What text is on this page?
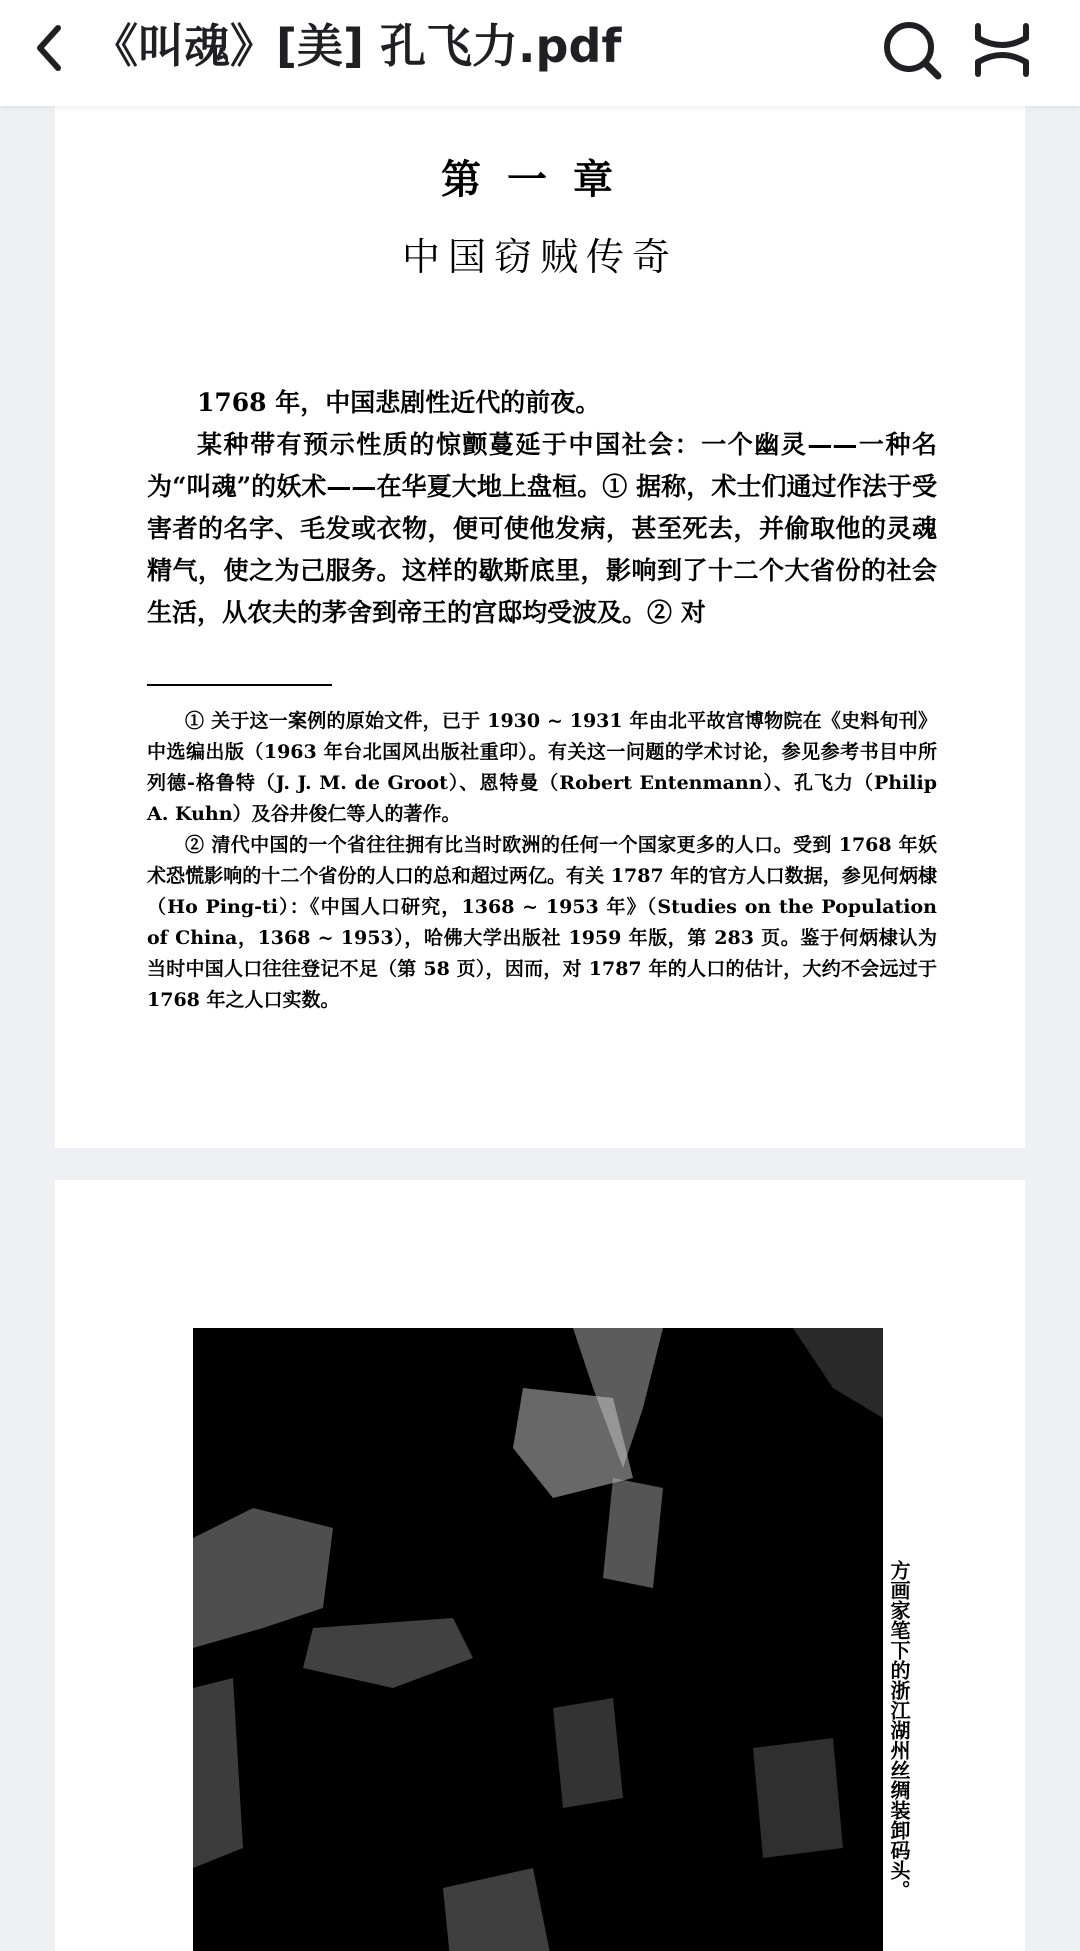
《叫魂》[美] 孔飞力.pdf
第一章
中国窃贼传奇

1768 年，中国悲剧性近代的前夜。

某种带有预示性质的惊颤蔓延于中国社会：一个幽灵——一种名为“叫魂”的妖术——在华夏大地上盘桓。① 据称，术士们通过作法于受害者的名字、毛发或衣物，便可使他发病，甚至死去，并偷取他的灵魂精气，使之为己服务。这样的歇斯底里，影响到了十二个大省份的社会生活，从农夫的茅舍到帝王的宫邸均受波及。② 对

① 关于这一案例的原始文件，已于 1930 ~ 1931 年由北平故宫博物院在《史料旬刊》中选编出版（1963 年台北国风出版社重印）。有关这一问题的学术讨论，参见参考书目中所列德-格鲁特（J. J. M. de Groot）、恩特曼（Robert Entenmann）、孔飞力（Philip A. Kuhn）及谷井俊仁等人的著作。

② 清代中国的一个省往往拥有比当时欧洲的任何一个国家更多的人口。受到 1768 年妖术恐慌影响的十二个省份的人口的总和超过两亿。有关 1787 年的官方人口数据，参见何炳棣（Ho Ping-ti）：《中国人口研究，1368 ~ 1953 年》（Studies on the Population of China，1368 ~ 1953），哈佛大学出版社 1959 年版，第 283 页。鉴于何炳棣认为当时中国人口往往登记不足（第 58 页），因而，对 1787 年的人口的估计，大约不会远过于 1768 年之人口实数。

方画家笔下的浙江湖州丝绸装卸码头。
